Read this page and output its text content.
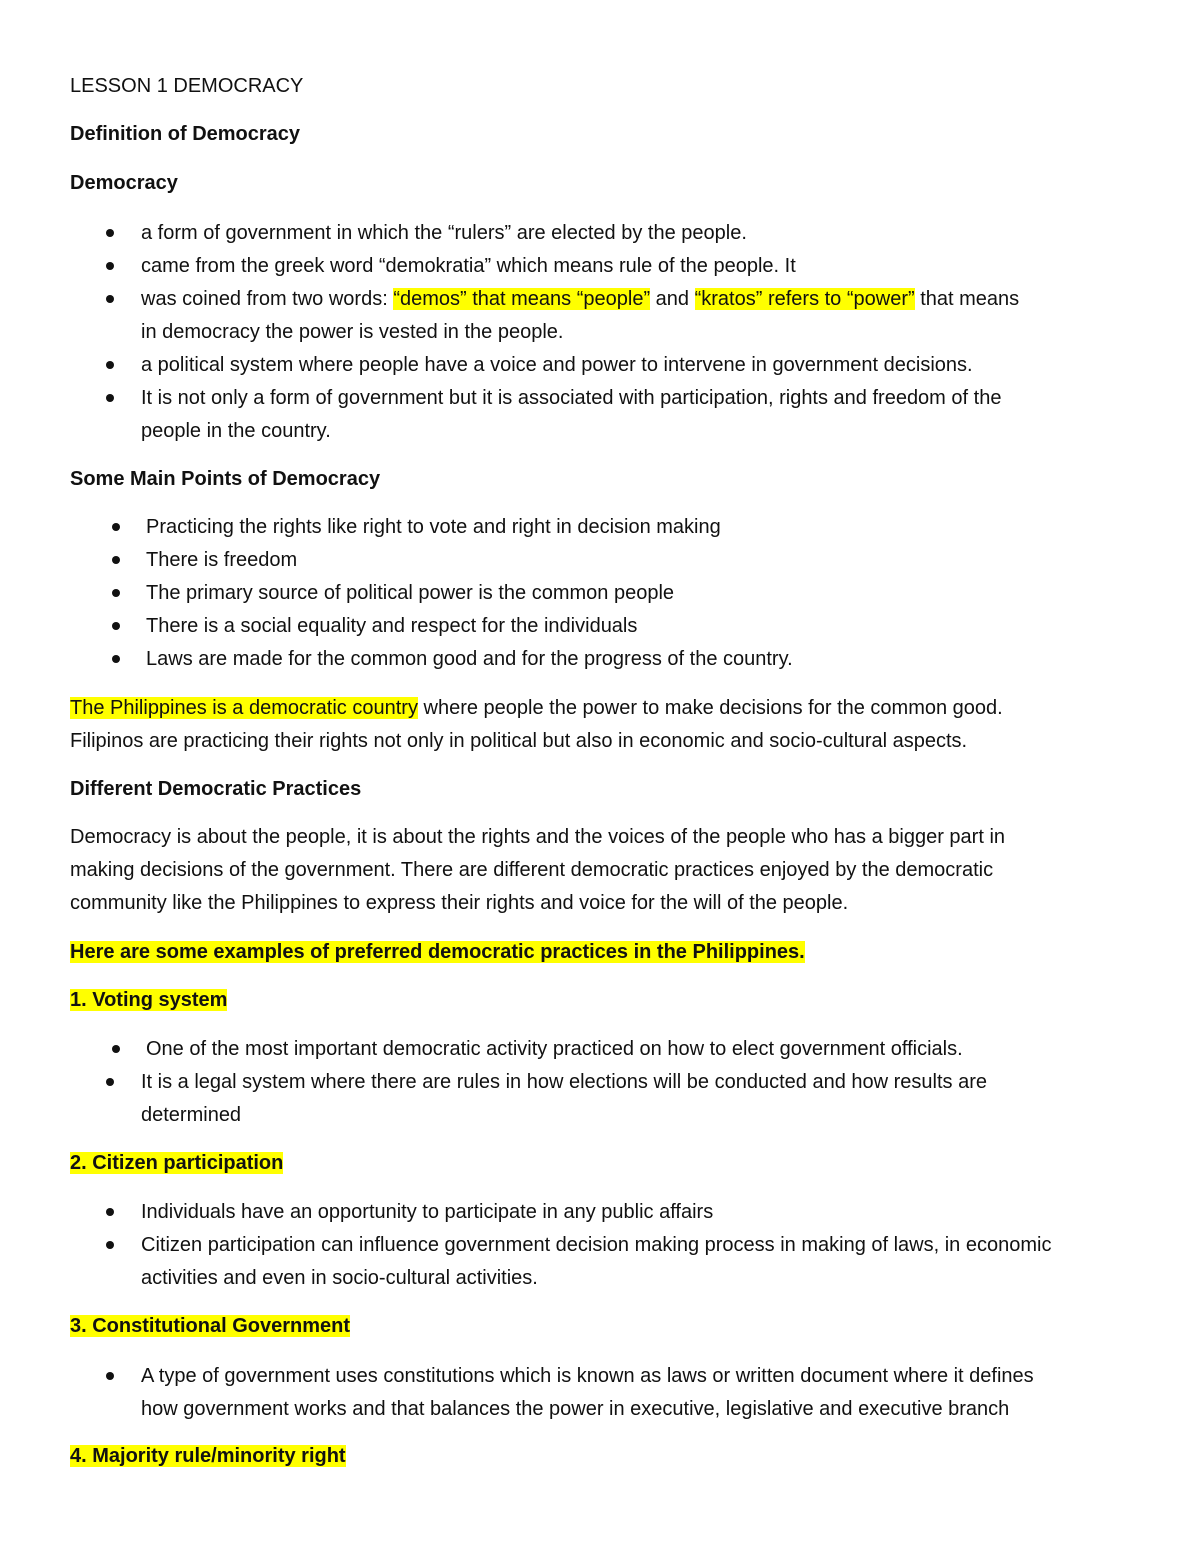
LESSON 1 DEMOCRACY
Definition of Democracy
Democracy
a form of government in which the “rulers” are elected by the people.
came from the greek word “demokratia” which means rule of the people. It
was coined from two words: “demos” that means “people” and “kratos” refers to “power” that means
in democracy the power is vested in the people.
a political system where people have a voice and power to intervene in government decisions.
It is not only a form of government but it is associated with participation, rights and freedom of the
people in the country.
Some Main Points of Democracy
Practicing the rights like right to vote and right in decision making
There is freedom
The primary source of political power is the common people
There is a social equality and respect for the individuals
Laws are made for the common good and for the progress of the country.
The Philippines is a democratic country where people the power to make decisions for the common good.
Filipinos are practicing their rights not only in political but also in economic and socio-cultural aspects.
Different Democratic Practices
Democracy is about the people, it is about the rights and the voices of the people who has a bigger part in
making decisions of the government. There are different democratic practices enjoyed by the democratic
community like the Philippines to express their rights and voice for the will of the people.
Here are some examples of preferred democratic practices in the Philippines.
1. Voting system
One of the most important democratic activity practiced on how to elect government officials.
It is a legal system where there are rules in how elections will be conducted and how results are
determined
2. Citizen participation
Individuals have an opportunity to participate in any public affairs
Citizen participation can influence government decision making process in making of laws, in economic
activities and even in socio-cultural activities.
3. Constitutional Government
A type of government uses constitutions which is known as laws or written document where it defines
how government works and that balances the power in executive, legislative and executive branch
4. Majority rule/minority right
